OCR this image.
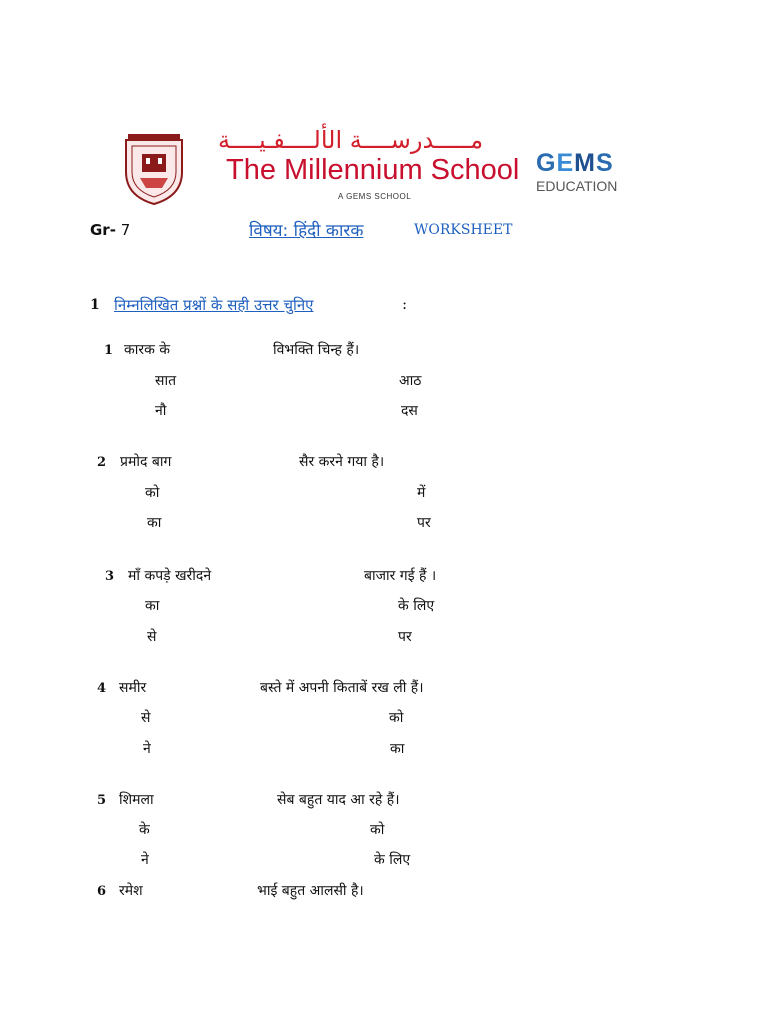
مـــــدرســــة الألــــفـيــــة
The Millennium School
A GEMS SCHOOL
GEMS
EDUCATION
Gr- 7	विषय: हिंदी कारक	WORKSHEET
1 निम्नलिखित प्रश्नों के सही उत्तर चुनिए	:
1 कारक के	विभक्ति चिन्ह हैं।
सात	आठ
नौ	दस
2 प्रमोद बाग	सैर करने गया है।
को	में
का	पर
3 माँ कपड़े खरीदने	बाजार गई हैं ।
का	के लिए
से	पर
4 समीर	बस्ते में अपनी किताबें रख ली हैं।
से	को
ने	का
5 शिमला	सेब बहुत याद आ रहे हैं।
के	को
ने	के लिए
6 रमेश	भाई बहुत आलसी है।
